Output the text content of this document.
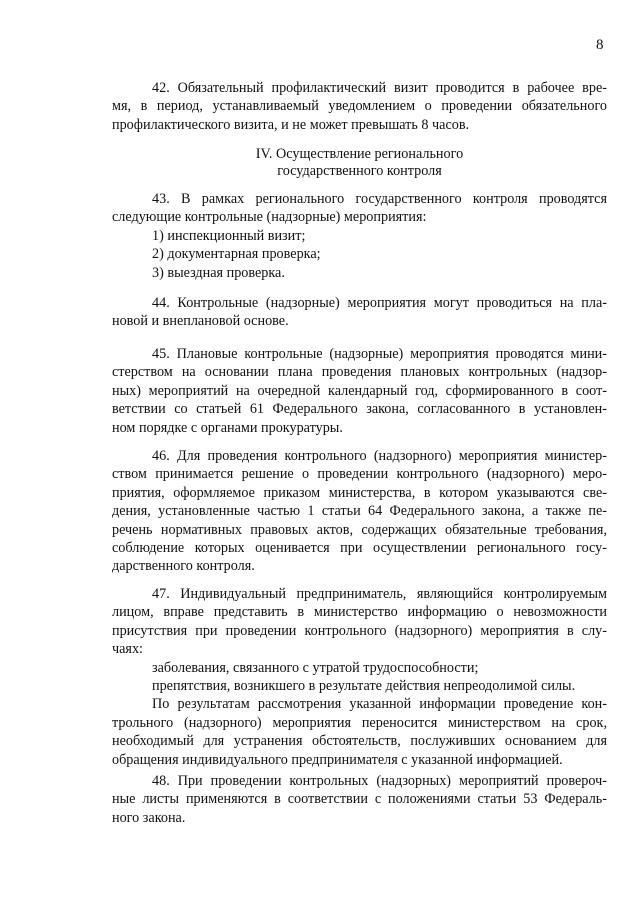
8
42. Обязательный профилактический визит проводится в рабочее вре-
мя, в период, устанавливаемый уведомлением о проведении обязательного
профилактического визита, и не может превышать 8 часов.
IV. Осуществление регионального
государственного контроля
43. В рамках регионального государственного контроля проводятся
следующие контрольные (надзорные) мероприятия:
1) инспекционный визит;
2) документарная проверка;
3) выездная проверка.
44. Контрольные (надзорные) мероприятия могут проводиться на пла-
новой и внеплановой основе.
45. Плановые контрольные (надзорные) мероприятия проводятся мини-
стерством на основании плана проведения плановых контрольных (надзор-
ных) мероприятий на очередной календарный год, сформированного в соот-
ветствии со статьей 61 Федерального закона, согласованного в установлен-
ном порядке с органами прокуратуры.
46. Для проведения контрольного (надзорного) мероприятия министер-
ством принимается решение о проведении контрольного (надзорного) меро-
приятия, оформляемое приказом министерства, в котором указываются све-
дения, установленные частью 1 статьи 64 Федерального закона, а также пе-
речень нормативных правовых актов, содержащих обязательные требования,
соблюдение которых оценивается при осуществлении регионального госу-
дарственного контроля.
47. Индивидуальный предприниматель, являющийся контролируемым
лицом, вправе представить в министерство информацию о невозможности
присутствия при проведении контрольного (надзорного) мероприятия в слу-
чаях:
заболевания, связанного с утратой трудоспособности;
препятствия, возникшего в результате действия непреодолимой силы.
По результатам рассмотрения указанной информации проведение кон-
трольного (надзорного) мероприятия переносится министерством на срок,
необходимый для устранения обстоятельств, послуживших основанием для
обращения индивидуального предпринимателя с указанной информацией.
48. При проведении контрольных (надзорных) мероприятий провероч-
ные листы применяются в соответствии с положениями статьи 53 Федераль-
ного закона.
